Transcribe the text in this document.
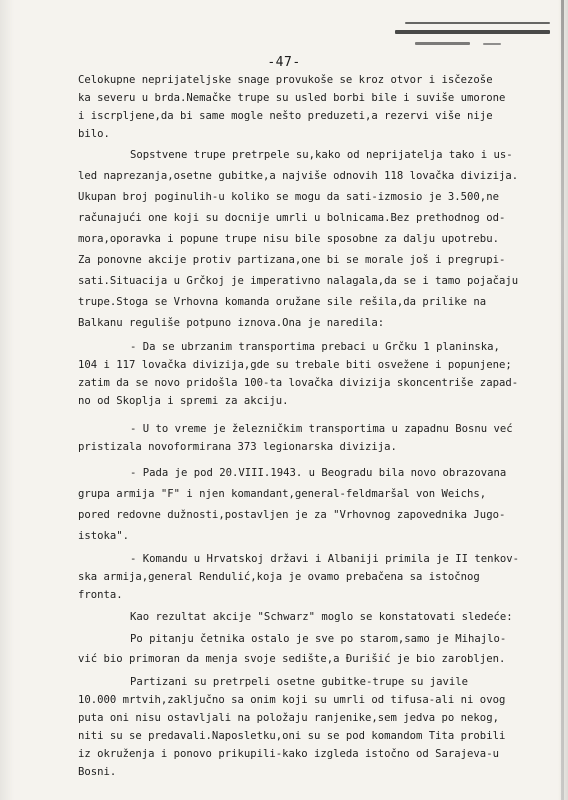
-47-
Celokupne neprijateljske snage provukoše se kroz otvor i isčezoše
ka severu u brda.Nemačke trupe su usled borbi bile i suviše umorone
i iscrpljene,da bi same mogle nešto preduzeti,a rezervi više nije
bilo.
Sopstvene trupe pretrpele su,kako od neprijatelja tako i us-
led naprezanja,osetne gubitke,a najviše odnovih 118 lovačka divizija.
Ukupan broj poginulih-u koliko se mogu da sati-izmosio je 3.500,ne
računajući one koji su docnije umrli u bolnicama.Bez prethodnog od-
mora,oporavka i popune trupe nisu bile sposobne za dalju upotrebu.
Za ponovne akcije protiv partizana,one bi se morale još i pregrupi-
sati.Situacija u Grčkoj je imperativno nalagala,da se i tamo pojačaju
trupe.Stoga se Vrhovna komanda oružane sile rešila,da prilike na
Balkanu reguliše potpuno iznova.Ona je naredila:
- Da se ubrzanim transportima prebaci u Grčku 1 planinska,
104 i 117 lovačka divizija,gde su trebale biti osvežene i popunjene;
zatim da se novo pridošla 100-ta lovačka divizija skoncentriše zapad-
no od Skoplja i spremi za akciju.
- U to vreme je železničkim transportima u zapadnu Bosnu već
pristizala novoformirana 373 legionarska divizija.
- Pada je pod 20.VIII.1943. u Beogradu bila novo obrazovana
grupa armija "F" i njen komandant,general-feldmaršal von Weichs,
pored redovne dužnosti,postavljen je za "Vrhovnog zapovednika Jugo-
istoka".
- Komandu u Hrvatskoj državi i Albaniji primila je II tenkov-
ska armija,general Rendulić,koja je ovamo prebačena sa istočnog
fronta.
Kao rezultat akcije "Schwarz" moglo se konstatovati sledeće:
Po pitanju četnika ostalo je sve po starom,samo je Mihajlo-
vić bio primoran da menja svoje sedište,a Đurišić je bio zarobljen.
Partizani su pretrpeli osetne gubitke-trupe su javile
10.000 mrtvih,zaključno sa onim koji su umrli od tifusa-ali ni ovog
puta oni nisu ostavljali na položaju ranjenike,sem jedva po nekog,
niti su se predavali.Naposletku,oni su se pod komandom Tita probili
iz okruženja i ponovo prikupili-kako izgleda istočno od Sarajeva-u
Bosni.
